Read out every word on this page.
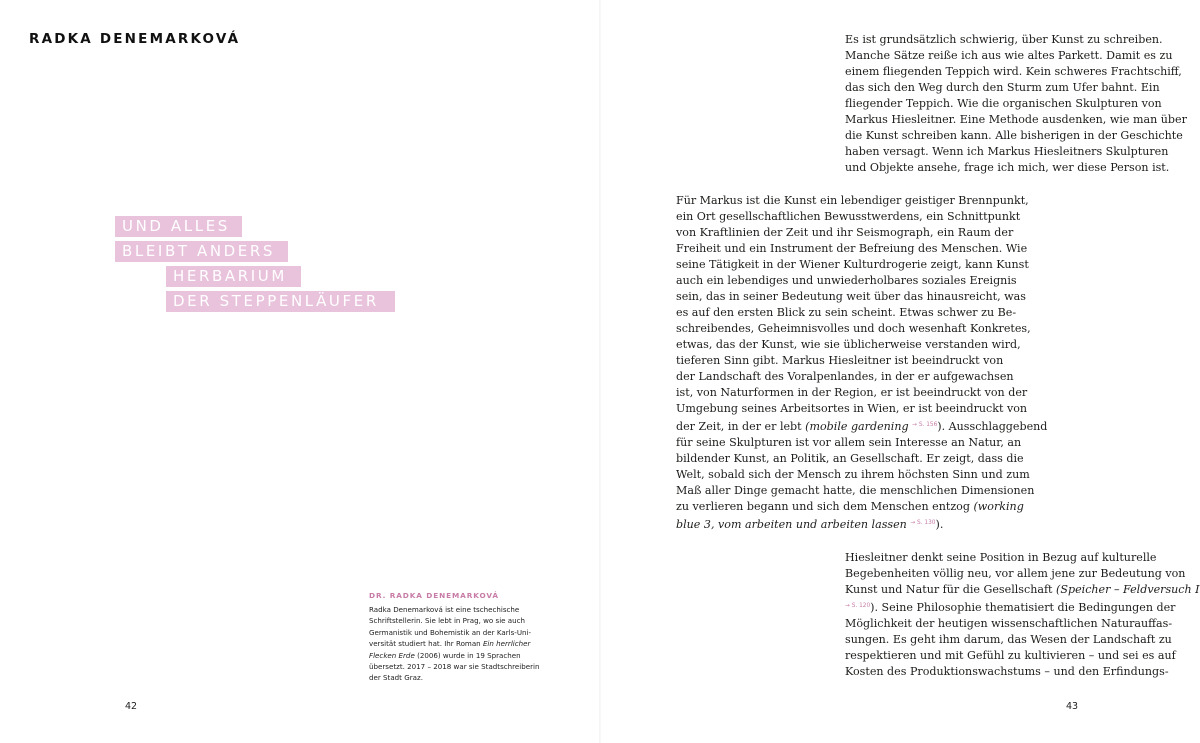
RADKA DENEMARKOVÁ
UND ALLES
BLEIBT ANDERS
HERBARIUM
DER STEPPENLÄUFER
Es ist grundsätzlich schwierig, über Kunst zu schreiben.
Manche Sätze reiße ich aus wie altes Parkett. Damit es zu
einem fliegenden Teppich wird. Kein schweres Frachtschiff,
das sich den Weg durch den Sturm zum Ufer bahnt. Ein
fliegender Teppich. Wie die organischen Skulpturen von
Markus Hiesleitner. Eine Methode ausdenken, wie man über
die Kunst schreiben kann. Alle bisherigen in der Geschichte
haben versagt. Wenn ich Markus Hiesleitners Skulpturen
und Objekte ansehe, frage ich mich, wer diese Person ist.
Für Markus ist die Kunst ein lebendiger geistiger Brennpunkt,
ein Ort gesellschaftlichen Bewusstwerdens, ein Schnittpunkt
von Kraftlinien der Zeit und ihr Seismograph, ein Raum der
Freiheit und ein Instrument der Befreiung des Menschen. Wie
seine Tätigkeit in der Wiener Kulturdrogerie zeigt, kann Kunst
auch ein lebendiges und unwiederholbares soziales Ereignis
sein, das in seiner Bedeutung weit über das hinausreicht, was
es auf den ersten Blick zu sein scheint. Etwas schwer zu Be-
schreibendes, Geheimnisvolles und doch wesenhaft Konkretes,
etwas, das der Kunst, wie sie üblicherweise verstanden wird,
tieferen Sinn gibt. Markus Hiesleitner ist beeindruckt von
der Landschaft des Voralpenlandes, in der er aufgewachsen
ist, von Naturformen in der Region, er ist beeindruckt von der
Umgebung seines Arbeitsortes in Wien, er ist beeindruckt von
der Zeit, in der er lebt (mobile gardening $^{\to S. 156}$). Ausschlaggebend
für seine Skulpturen ist vor allem sein Interesse an Natur, an
bildender Kunst, an Politik, an Gesellschaft. Er zeigt, dass die
Welt, sobald sich der Mensch zu ihrem höchsten Sinn und zum
Maß aller Dinge gemacht hatte, die menschlichen Dimensionen
zu verlieren begann und sich dem Menschen entzog (working
blue 3, vom arbeiten und arbeiten lassen $^{\to S. 130}$).
Hiesleitner denkt seine Position in Bezug auf kulturelle
Begebenheiten völlig neu, vor allem jene zur Bedeutung von
Kunst und Natur für die Gesellschaft (Speicher – Feldversuch I
$^{\to S. 120}$). Seine Philosophie thematisiert die Bedingungen der
Möglichkeit der heutigen wissenschaftlichen Naturauffas-
sungen. Es geht ihm darum, das Wesen der Landschaft zu
respektieren und mit Gefühl zu kultivieren – und sei es auf
Kosten des Produktionswachstums – und den Erfindungs-
DR. RADKA DENEMARKOVÁ
Radka Denemarková ist eine tschechische
Schriftstellerin. Sie lebt in Prag, wo sie auch
Germanistik und Bohemistik an der Karls-Uni-
versität studiert hat. Ihr Roman Ein herrlicher
Flecken Erde (2006) wurde in 19 Sprachen
übersetzt. 2017 – 2018 war sie Stadtschreiberin
der Stadt Graz.
42	43
